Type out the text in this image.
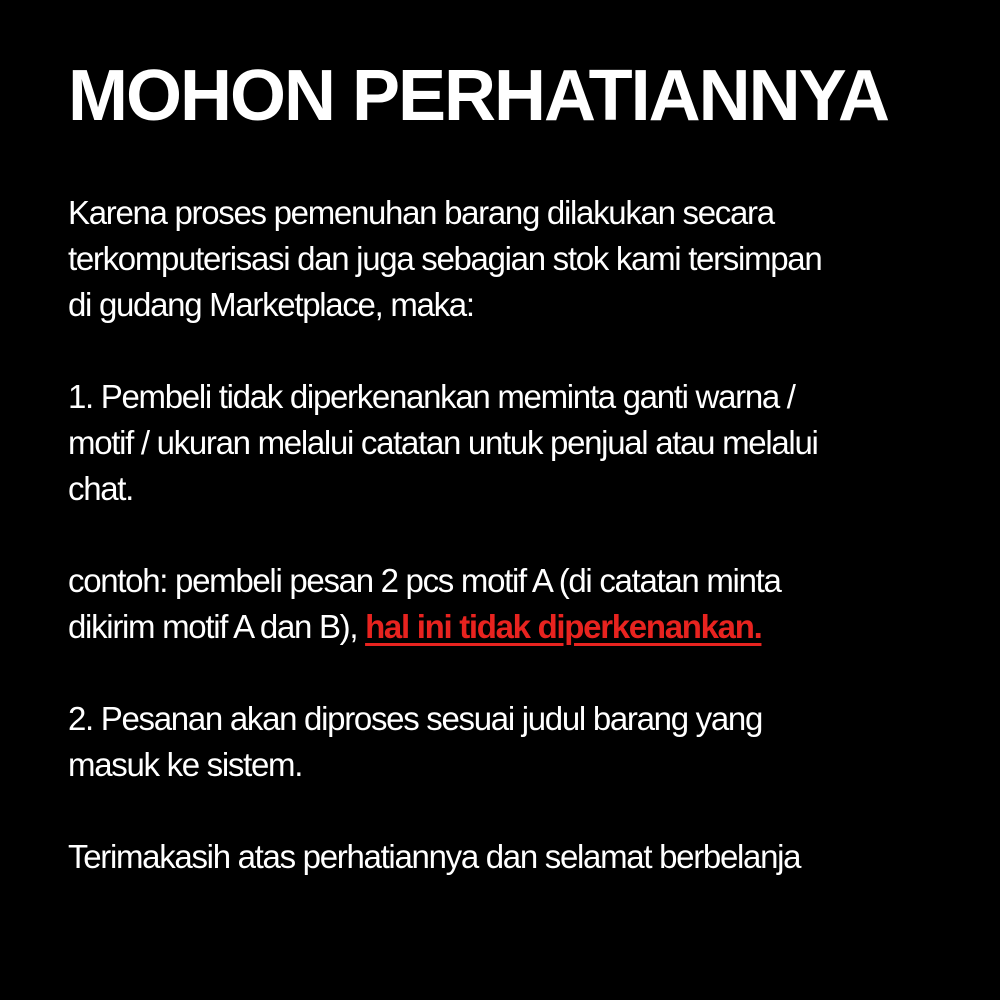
MOHON PERHATIANNYA

Karena proses pemenuhan barang dilakukan secara
terkomputerisasi dan juga sebagian stok kami tersimpan
di gudang Marketplace, maka:

1. Pembeli tidak diperkenankan meminta ganti warna /
motif / ukuran melalui catatan untuk penjual atau melalui
chat.

contoh: pembeli pesan 2 pcs motif A (di catatan minta
dikirim motif A dan B), hal ini tidak diperkenankan.

2. Pesanan akan diproses sesuai judul barang yang
masuk ke sistem.

Terimakasih atas perhatiannya dan selamat berbelanja
